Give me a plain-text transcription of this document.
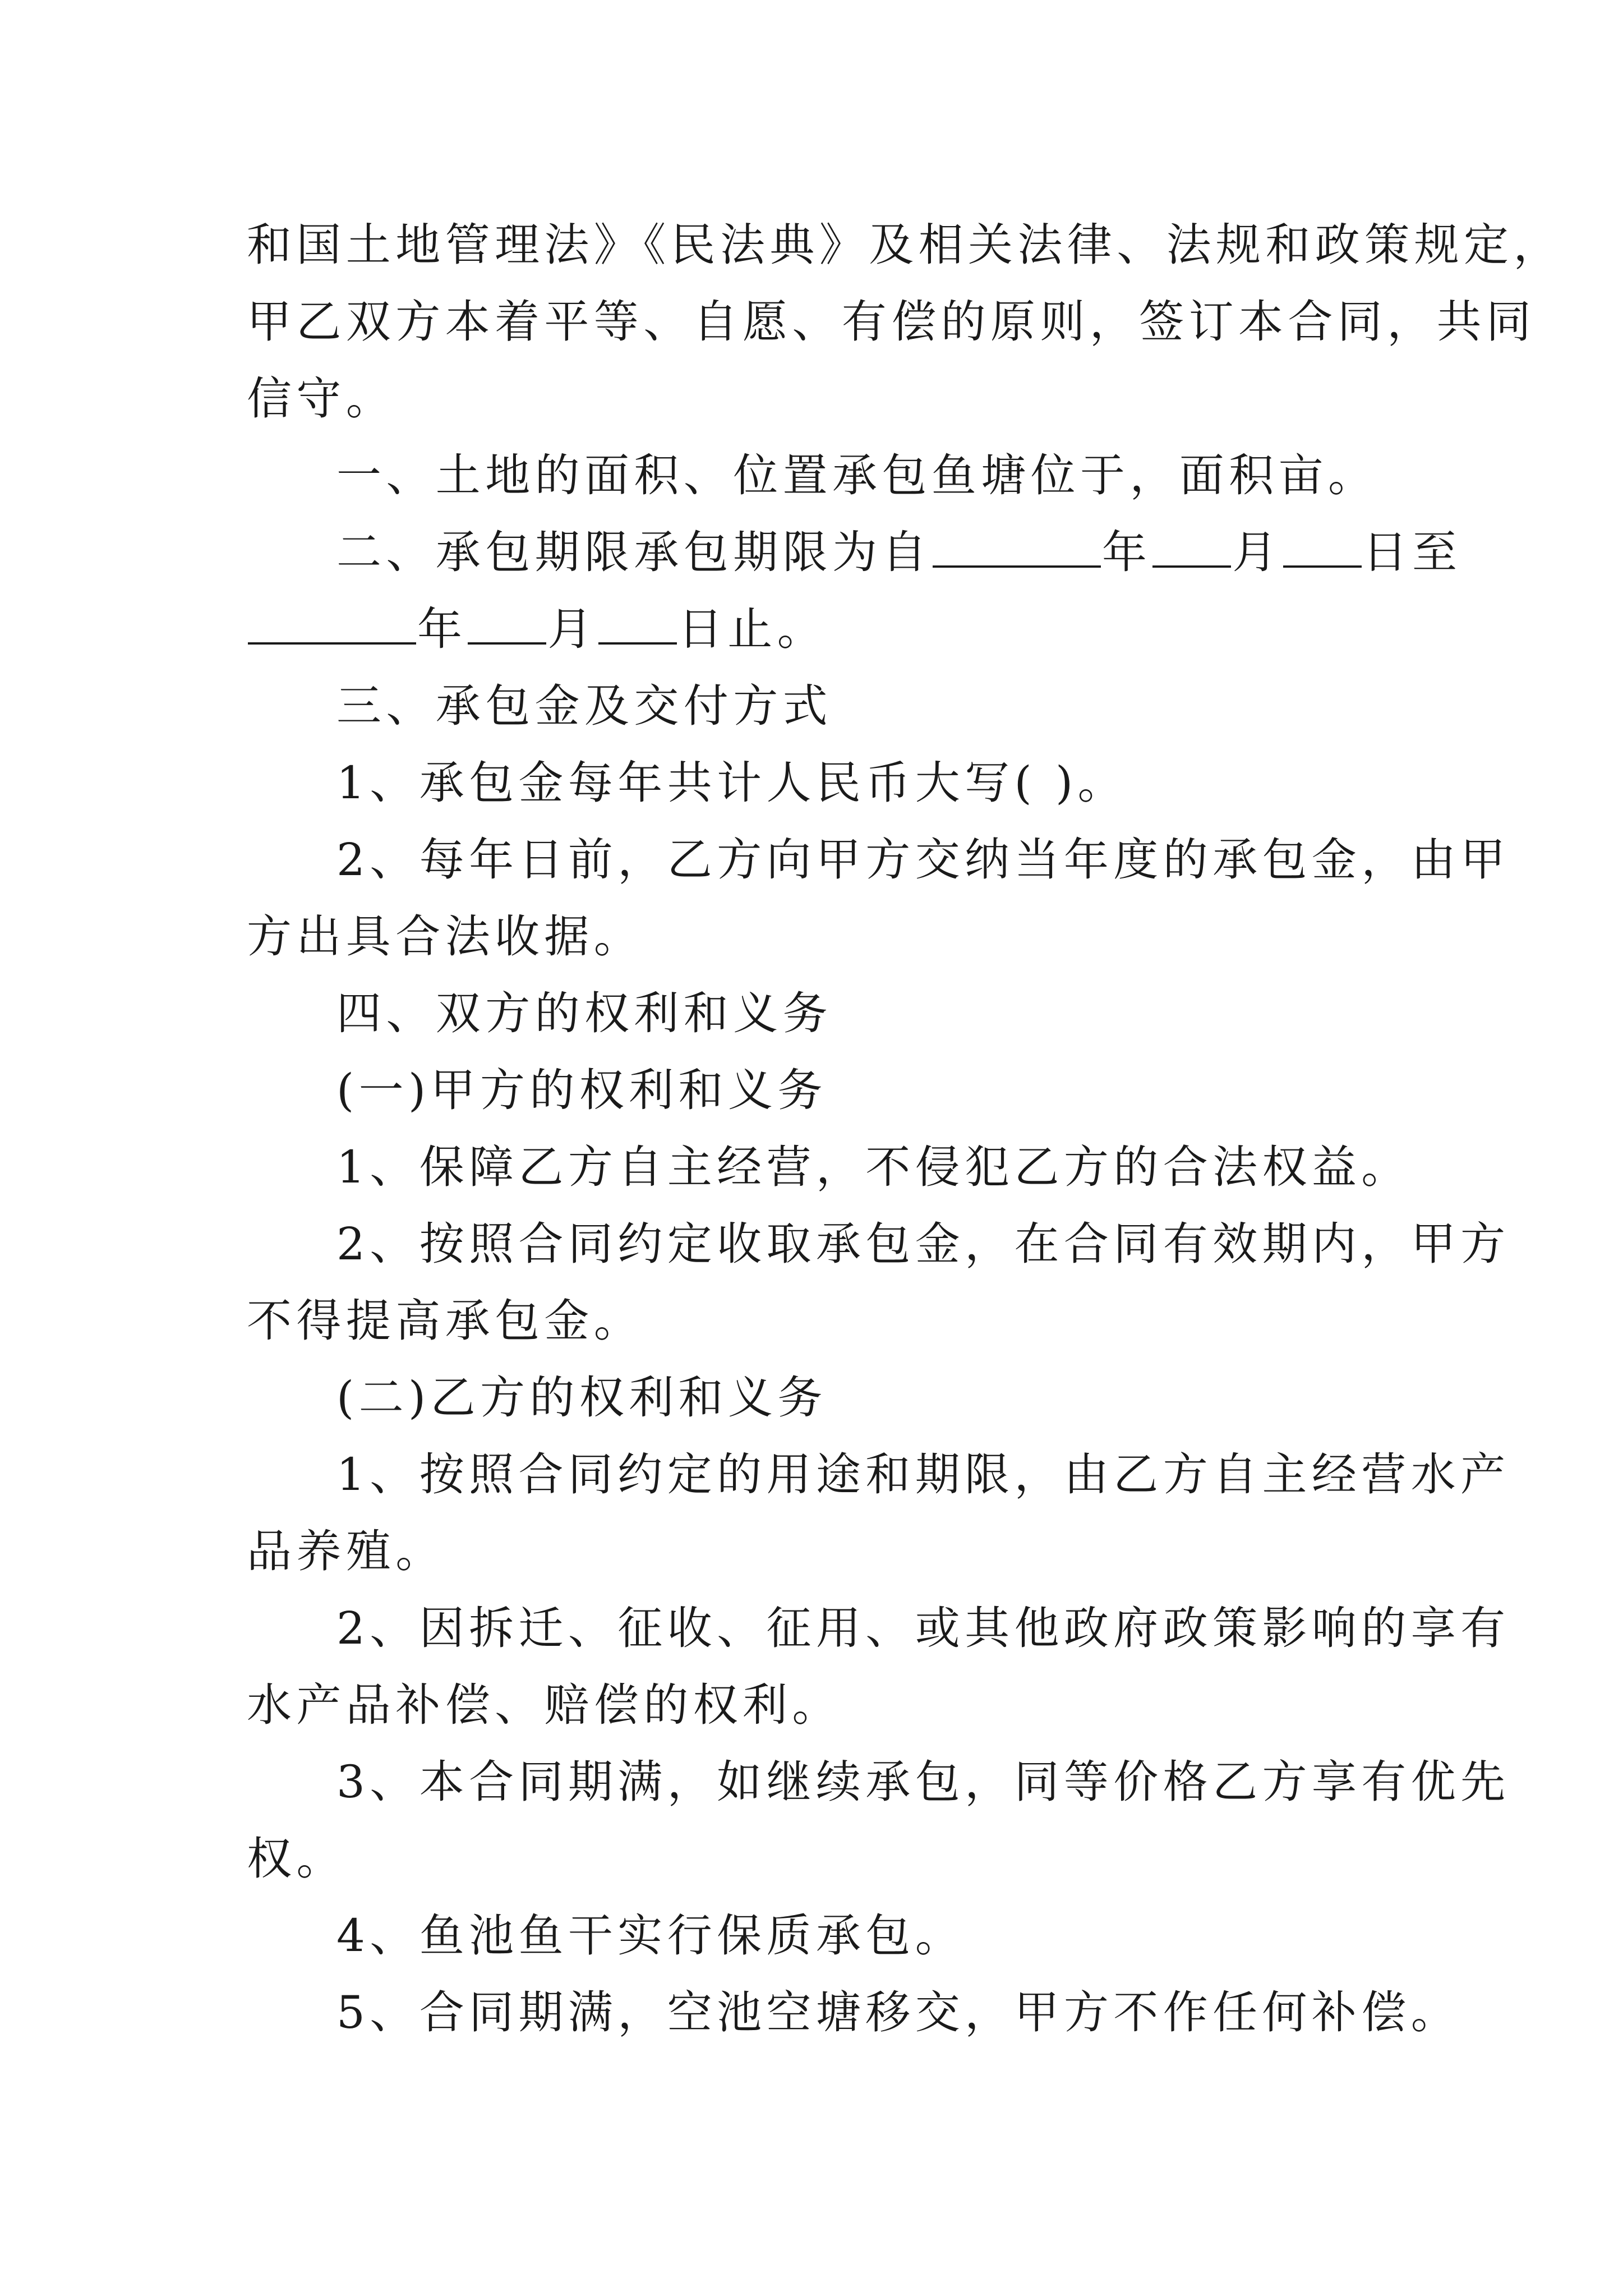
和国土地管理法》《民法典》及相关法律、法规和政策规定，

甲乙双方本着平等、自愿、有偿的原则，签订本合同，共同

信守。

一、土地的面积、位置承包鱼塘位于，面积亩。

二、承包期限承包期限为自	年 月 日至

年 月 日止。

三、承包金及交付方式

1、承包金每年共计人民币大写( )。

2、每年日前，乙方向甲方交纳当年度的承包金，由甲

方出具合法收据。

四、双方的权利和义务

(一)甲方的权利和义务

1、保障乙方自主经营，不侵犯乙方的合法权益。

2、按照合同约定收取承包金，在合同有效期内，甲方

不得提高承包金。

(二)乙方的权利和义务

1、按照合同约定的用途和期限，由乙方自主经营水产

品养殖。

2、因拆迁、征收、征用、或其他政府政策影响的享有

水产品补偿、赔偿的权利。

3、本合同期满，如继续承包，同等价格乙方享有优先

权。

4、鱼池鱼干实行保质承包。

5、合同期满，空池空塘移交，甲方不作任何补偿。
